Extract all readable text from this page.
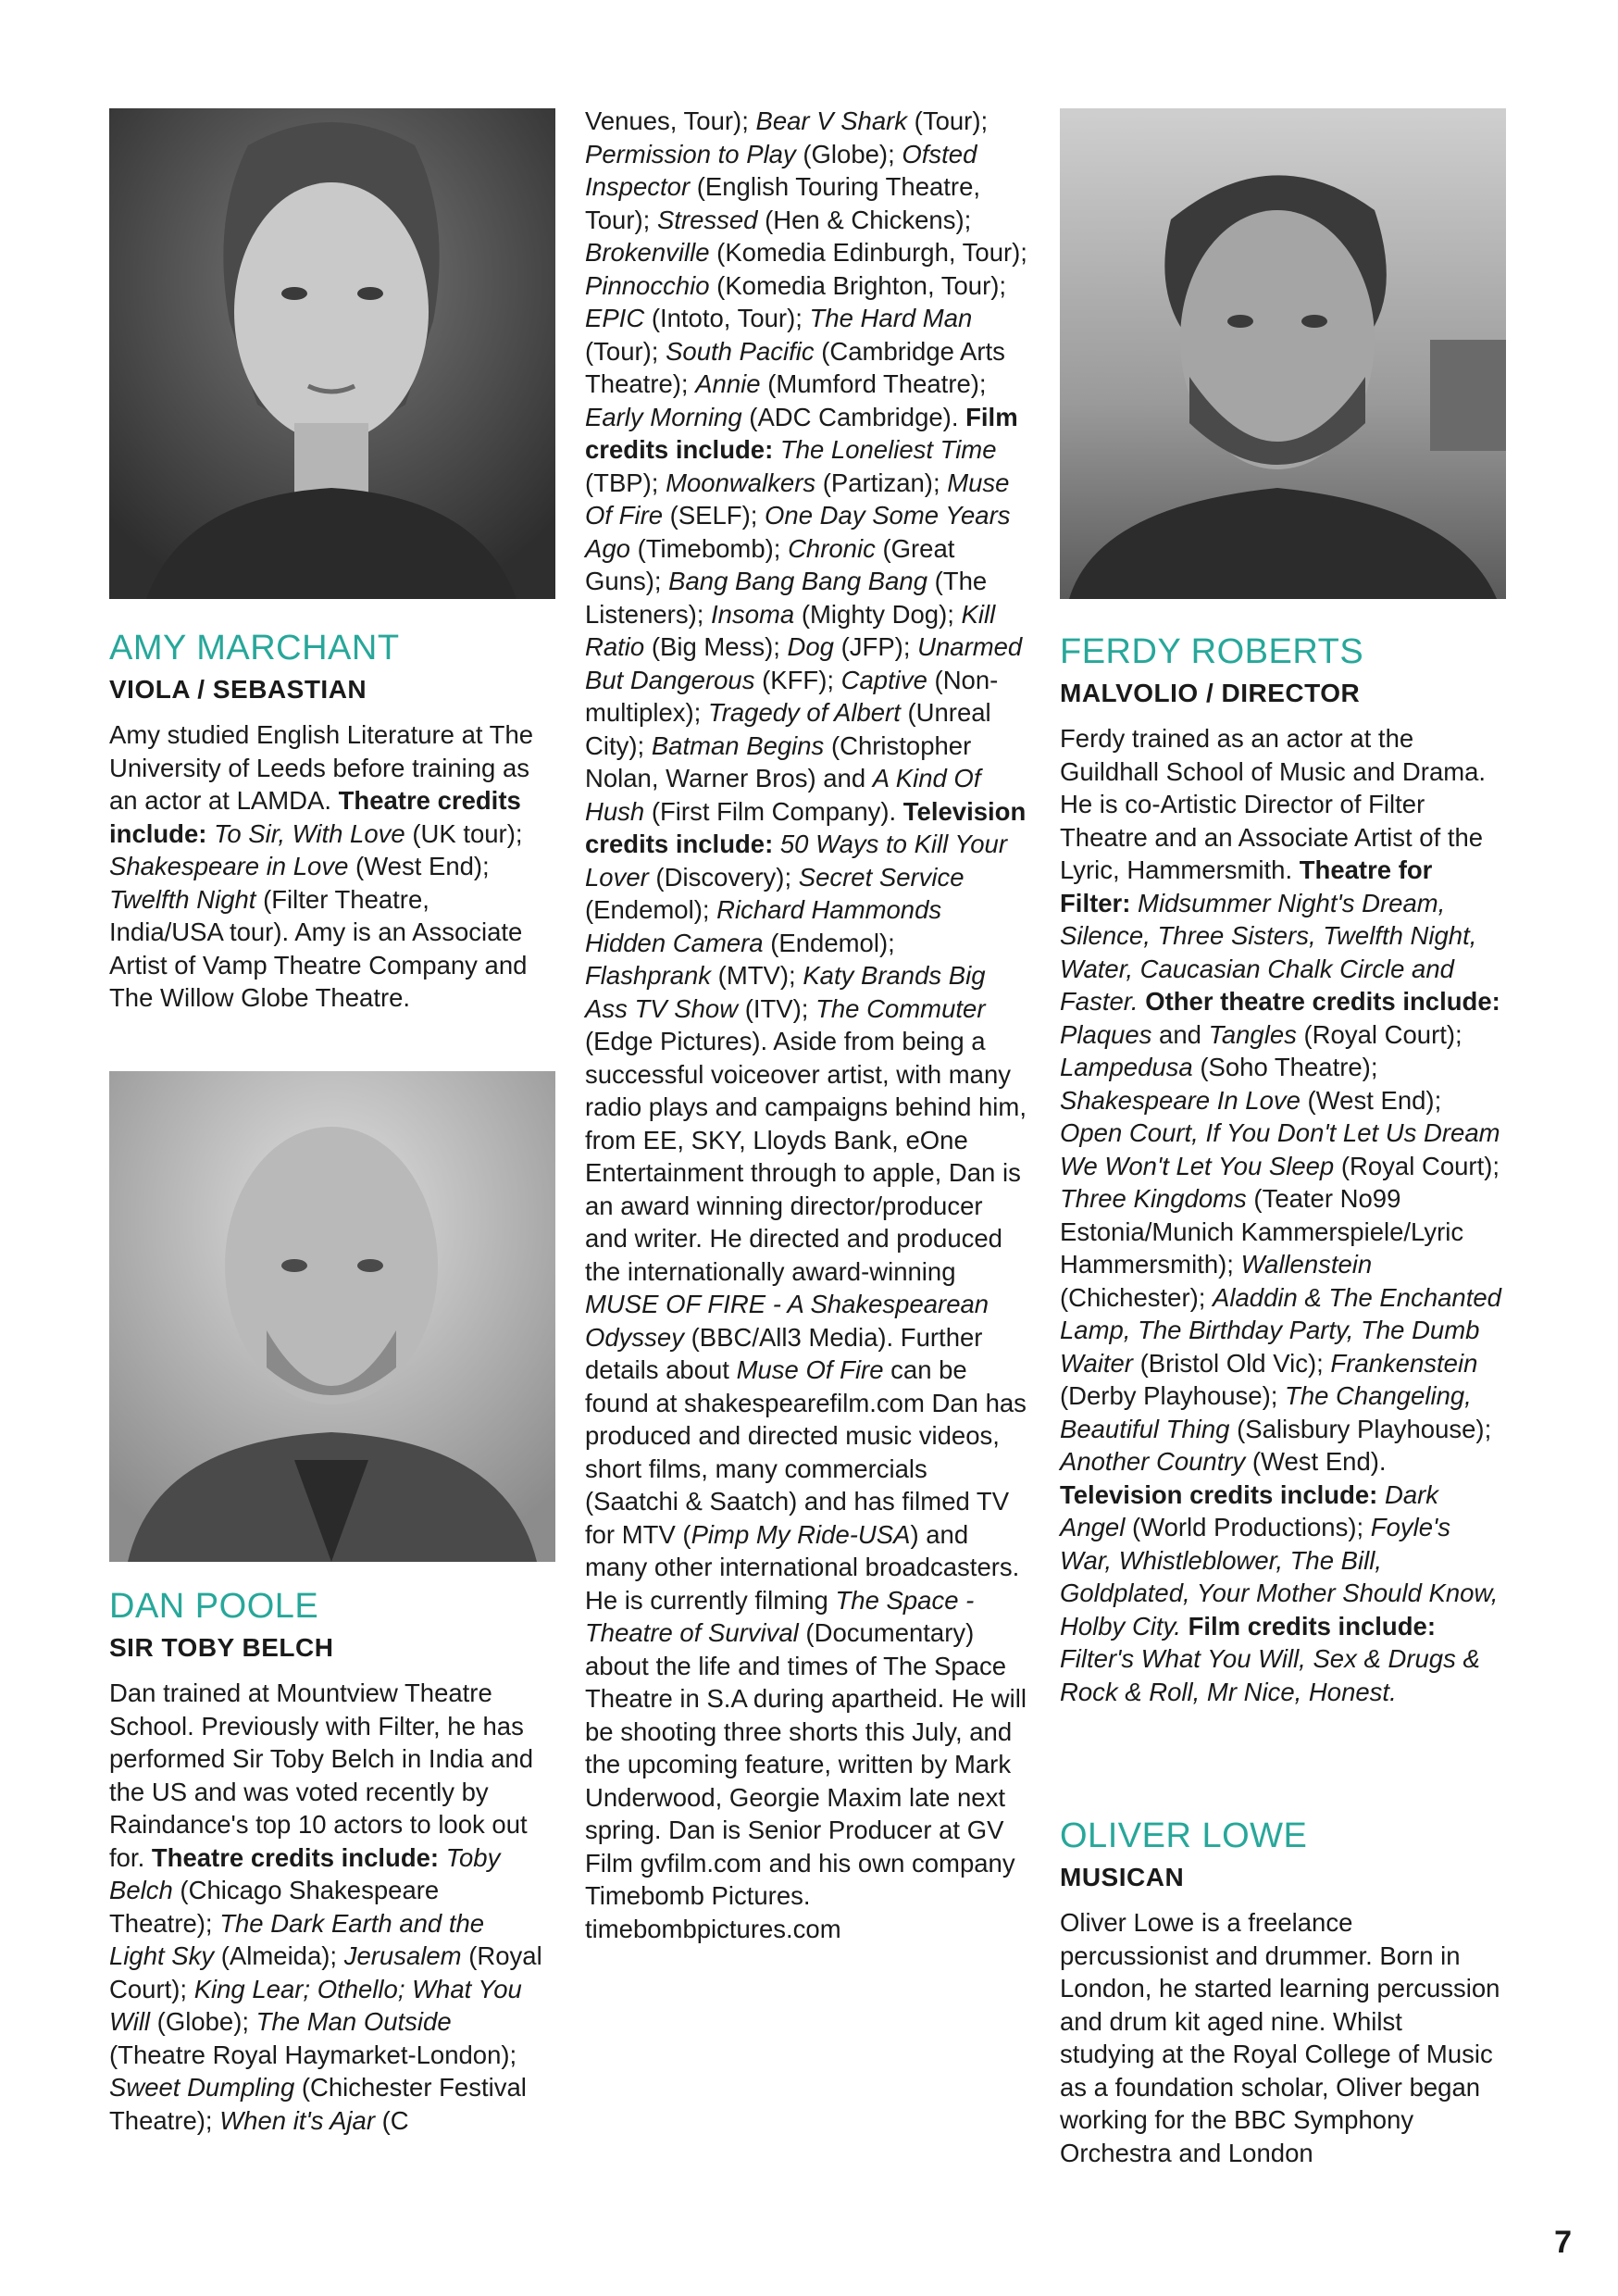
AMY MARCHANT
VIOLA / SEBASTIAN

Amy studied English Literature at The University of Leeds before training as an actor at LAMDA. Theatre credits include: To Sir, With Love (UK tour); Shakespeare in Love (West End); Twelfth Night (Filter Theatre, India/USA tour). Amy is an Associate Artist of Vamp Theatre Company and The Willow Globe Theatre.

DAN POOLE
SIR TOBY BELCH

Dan trained at Mountview Theatre School. Previously with Filter, he has performed Sir Toby Belch in India and the US and was voted recently by Raindance's top 10 actors to look out for. Theatre credits include: Toby Belch (Chicago Shakespeare Theatre); The Dark Earth and the Light Sky (Almeida); Jerusalem (Royal Court); King Lear; Othello; What You Will (Globe); The Man Outside (Theatre Royal Haymarket-London); Sweet Dumpling (Chichester Festival Theatre); When it's Ajar (C

Venues, Tour); Bear V Shark (Tour); Permission to Play (Globe); Ofsted Inspector (English Touring Theatre, Tour); Stressed (Hen & Chickens); Brokenville (Komedia Edinburgh, Tour); Pinnocchio (Komedia Brighton, Tour); EPIC (Intoto, Tour); The Hard Man (Tour); South Pacific (Cambridge Arts Theatre); Annie (Mumford Theatre); Early Morning (ADC Cambridge). Film credits include: The Loneliest Time (TBP); Moonwalkers (Partizan); Muse Of Fire (SELF); One Day Some Years Ago (Timebomb); Chronic (Great Guns); Bang Bang Bang Bang (The Listeners); Insoma (Mighty Dog); Kill Ratio (Big Mess); Dog (JFP); Unarmed But Dangerous (KFF); Captive (Non-multiplex); Tragedy of Albert (Unreal City); Batman Begins (Christopher Nolan, Warner Bros) and A Kind Of Hush (First Film Company). Television credits include: 50 Ways to Kill Your Lover (Discovery); Secret Service (Endemol); Richard Hammonds Hidden Camera (Endemol); Flashprank (MTV); Katy Brands Big Ass TV Show (ITV); The Commuter (Edge Pictures). Aside from being a successful voiceover artist, with many radio plays and campaigns behind him, from EE, SKY, Lloyds Bank, eOne Entertainment through to apple, Dan is an award winning director/producer and writer. He directed and produced the internationally award-winning MUSE OF FIRE - A Shakespearean Odyssey (BBC/All3 Media). Further details about Muse Of Fire can be found at shakespearefilm.com Dan has produced and directed music videos, short films, many commercials (Saatchi & Saatch) and has filmed TV for MTV (Pimp My Ride-USA) and many other international broadcasters. He is currently filming The Space - Theatre of Survival (Documentary) about the life and times of The Space Theatre in S.A during apartheid. He will be shooting three shorts this July, and the upcoming feature, written by Mark Underwood, Georgie Maxim late next spring. Dan is Senior Producer at GV Film gvfilm.com and his own company Timebomb Pictures. timebombpictures.com

FERDY ROBERTS
MALVOLIO / DIRECTOR

Ferdy trained as an actor at the Guildhall School of Music and Drama. He is co-Artistic Director of Filter Theatre and an Associate Artist of the Lyric, Hammersmith. Theatre for Filter: Midsummer Night's Dream, Silence, Three Sisters, Twelfth Night, Water, Caucasian Chalk Circle and Faster. Other theatre credits include: Plaques and Tangles (Royal Court); Lampedusa (Soho Theatre); Shakespeare In Love (West End); Open Court, If You Don't Let Us Dream We Won't Let You Sleep (Royal Court); Three Kingdoms (Teater No99 Estonia/Munich Kammerspiele/Lyric Hammersmith); Wallenstein (Chichester); Aladdin & The Enchanted Lamp, The Birthday Party, The Dumb Waiter (Bristol Old Vic); Frankenstein (Derby Playhouse); The Changeling, Beautiful Thing (Salisbury Playhouse); Another Country (West End). Television credits include: Dark Angel (World Productions); Foyle's War, Whistleblower, The Bill, Goldplated, Your Mother Should Know, Holby City. Film credits include: Filter's What You Will, Sex & Drugs & Rock & Roll, Mr Nice, Honest.

OLIVER LOWE
MUSICAN

Oliver Lowe is a freelance percussionist and drummer. Born in London, he started learning percussion and drum kit aged nine. Whilst studying at the Royal College of Music as a foundation scholar, Oliver began working for the BBC Symphony Orchestra and London

7
